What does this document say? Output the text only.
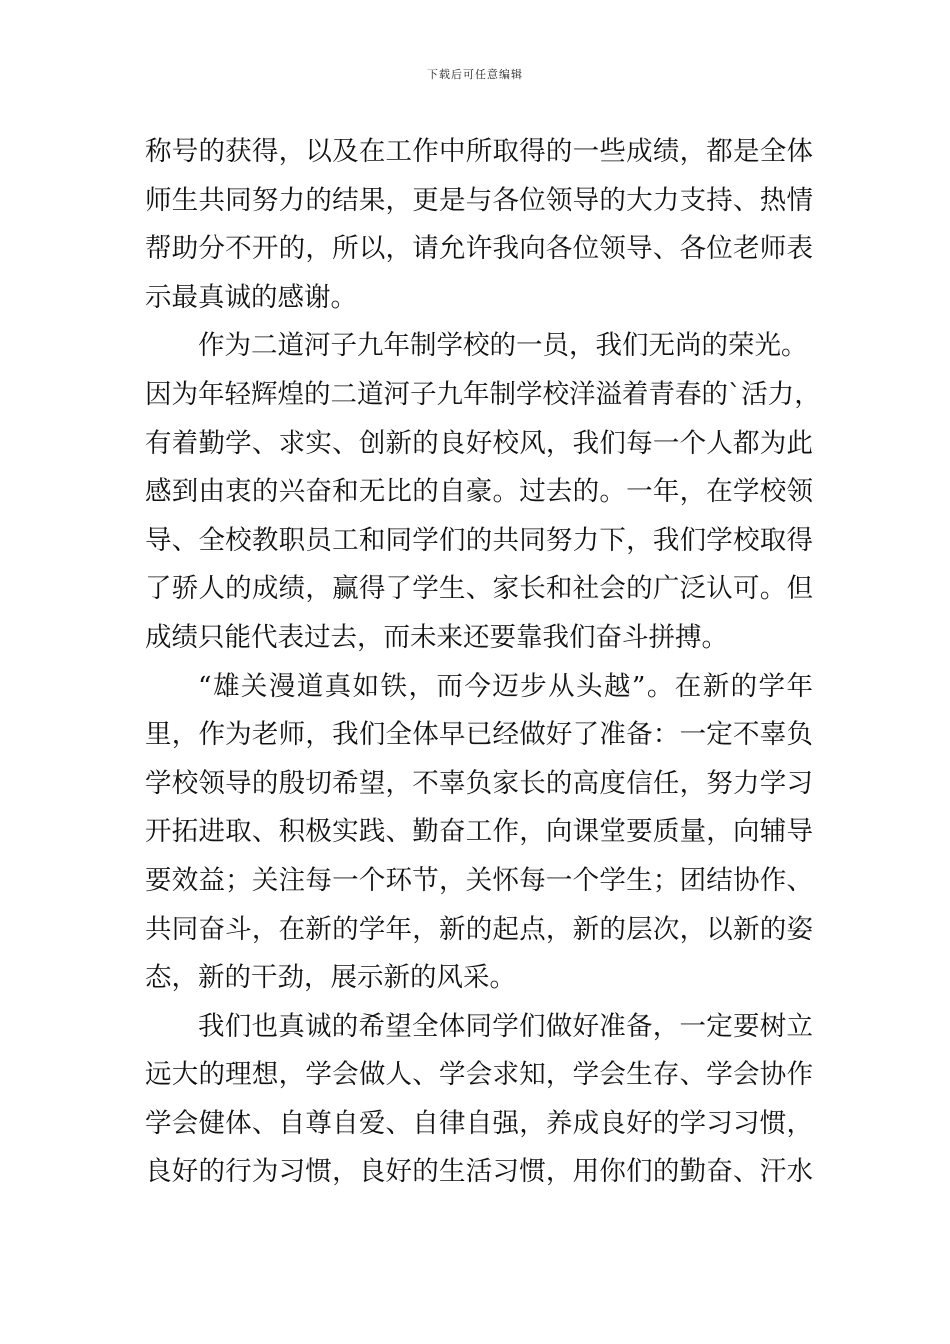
下载后可任意编辑
称号的获得，以及在工作中所取得的一些成绩，都是全体
师生共同努力的结果，更是与各位领导的大力支持、热情
帮助分不开的，所以，请允许我向各位领导、各位老师表
示最真诚的感谢。
作为二道河子九年制学校的一员，我们无尚的荣光。
因为年轻辉煌的二道河子九年制学校洋溢着青春的`活力，
有着勤学、求实、创新的良好校风，我们每一个人都为此
感到由衷的兴奋和无比的自豪。过去的。一年，在学校领
导、全校教职员工和同学们的共同努力下，我们学校取得
了骄人的成绩，赢得了学生、家长和社会的广泛认可。但
成绩只能代表过去，而未来还要靠我们奋斗拼搏。
“雄关漫道真如铁，而今迈步从头越”。在新的学年
里，作为老师，我们全体早已经做好了准备：一定不辜负
学校领导的殷切希望，不辜负家长的高度信任，努力学习
开拓进取、积极实践、勤奋工作，向课堂要质量，向辅导
要效益；关注每一个环节，关怀每一个学生；团结协作、
共同奋斗，在新的学年，新的起点，新的层次，以新的姿
态，新的干劲，展示新的风采。
我们也真诚的希望全体同学们做好准备，一定要树立
远大的理想，学会做人、学会求知，学会生存、学会协作
学会健体、自尊自爱、自律自强，养成良好的学习习惯，
良好的行为习惯，良好的生活习惯，用你们的勤奋、汗水
